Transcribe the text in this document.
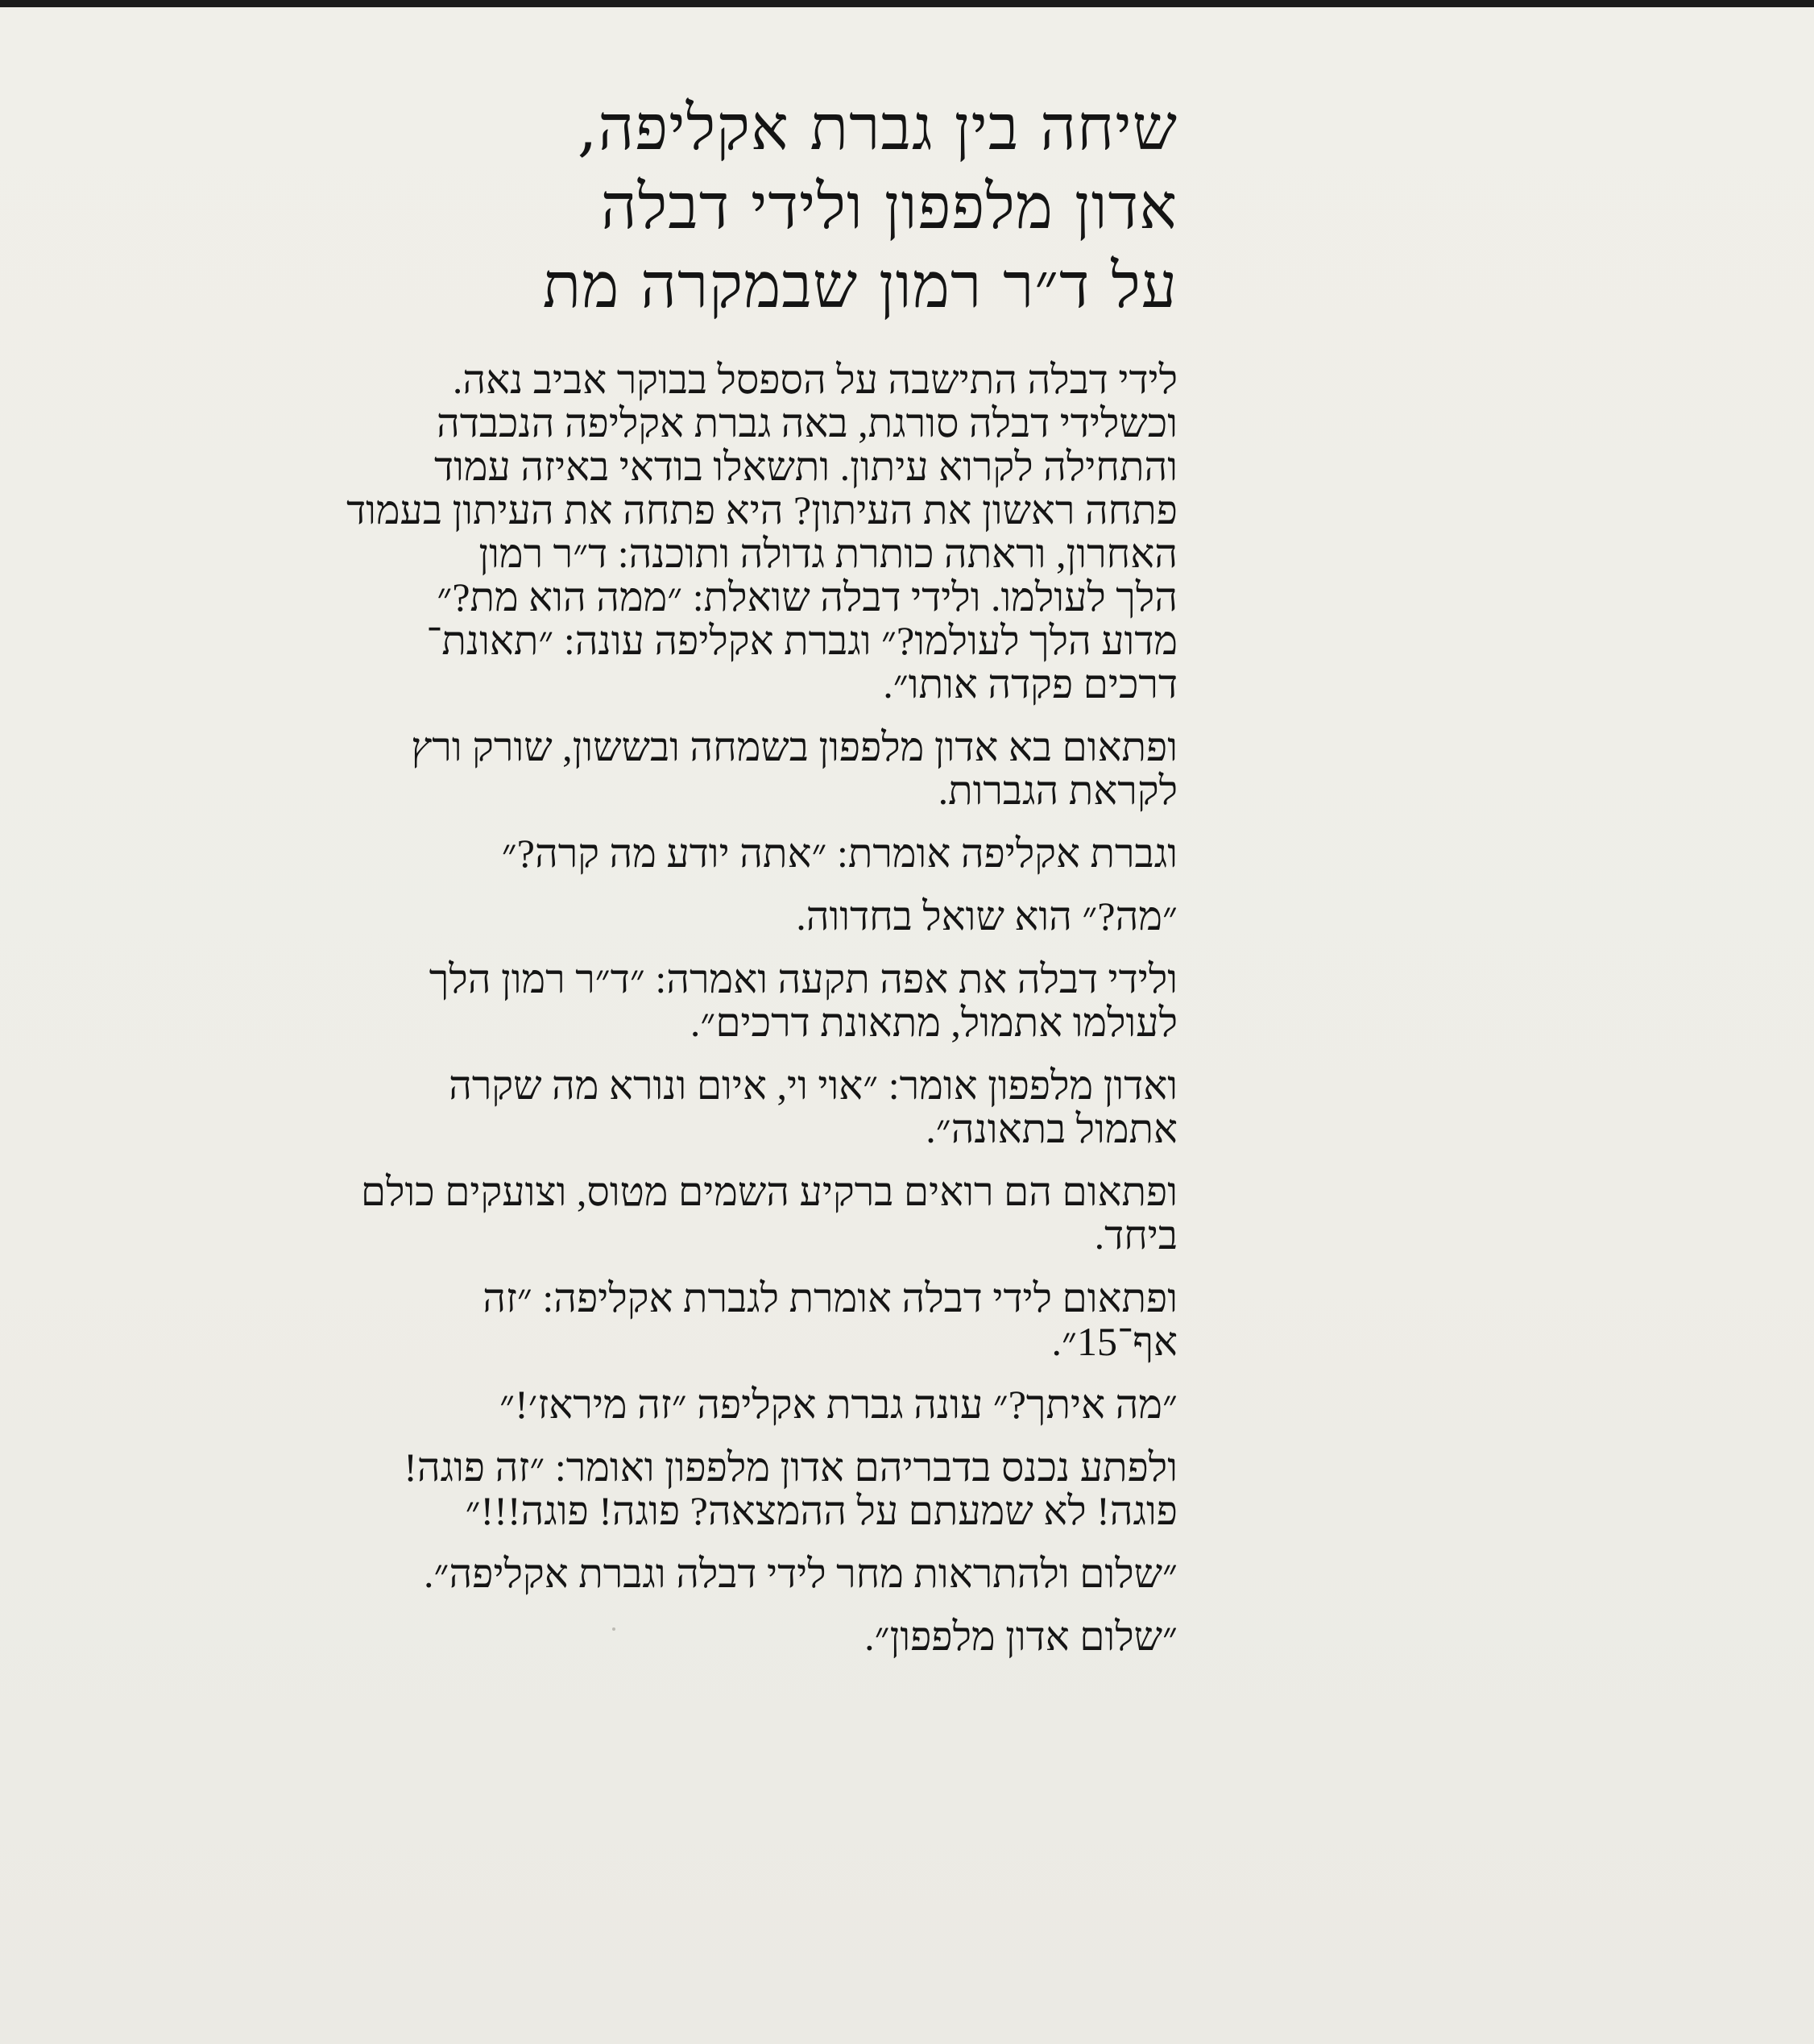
שיחה בין גברת אקליפה,
אדון מלפפון ולידי דבלה
על ד״ר רמון שבמקרה מת
לידי דבלה התישבה על הספסל בבוקר אביב נאה.
וכשלידי דבלה סורגת, באה גברת אקליפה הנכבדה
והתחילה לקרוא עיתון. ותשאלו בודאי באיזה עמוד
פתחה ראשון את העיתון? היא פתחה את העיתון בעמוד
האחרון, וראתה כותרת גדולה ותוכנה: ד״ר רמון
הלך לעולמו. ולידי דבלה שואלת: ״ממה הוא מת?״
מדוע הלך לעולמו?״ וגברת אקליפה עונה: ״תאונת־
דרכים פקדה אותו״.
ופתאום בא אדון מלפפון בשמחה ובששון, שורק ורץ
לקראת הגברות.
וגברת אקליפה אומרת: ״אתה יודע מה קרה?״
״מה?״ הוא שואל בחדווה.
ולידי דבלה את אפה תקעה ואמרה: ״ד״ר רמון הלך
לעולמו אתמול, מתאונת דרכים״.
ואדון מלפפון אומר: ״אוי וי, איום ונורא מה שקרה
אתמול בתאונה״.
ופתאום הם רואים ברקיע השמים מטוס, וצועקים כולם
ביחד.
ופתאום לידי דבלה אומרת לגברת אקליפה: ״זה
אף־15״.
״מה איתך?״ עונה גברת אקליפה ״זה מיראז׳!״
ולפתע נכנס בדבריהם אדון מלפפון ואומר: ״זה פוגה!
פוגה! לא שמעתם על ההמצאה? פוגה! פוגה!!!״
״שלום ולהתראות מחר לידי דבלה וגברת אקליפה״.
״שלום אדון מלפפון״.
